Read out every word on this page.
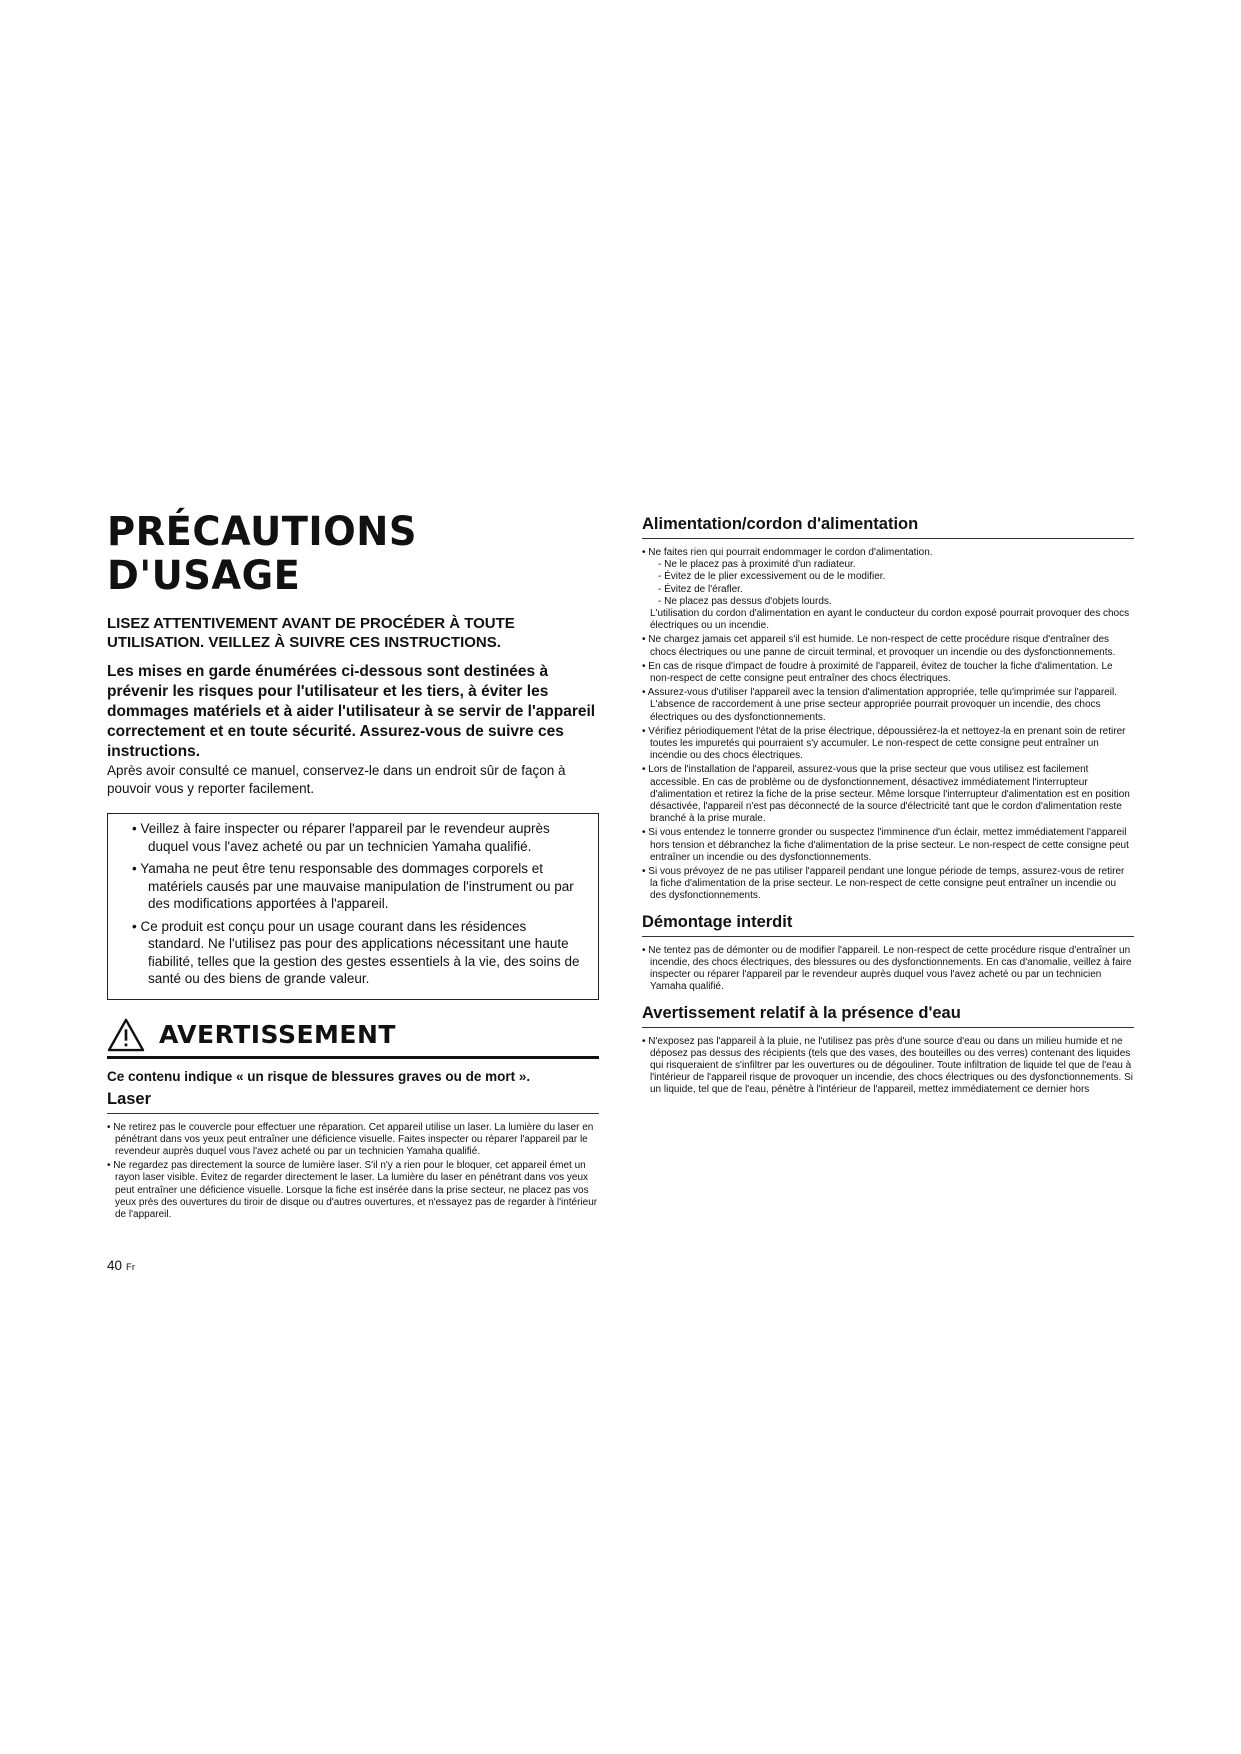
PRÉCAUTIONS D'USAGE

LISEZ ATTENTIVEMENT AVANT DE PROCÉDER À TOUTE UTILISATION. VEILLEZ À SUIVRE CES INSTRUCTIONS.

Les mises en garde énumérées ci-dessous sont destinées à prévenir les risques pour l'utilisateur et les tiers, à éviter les dommages matériels et à aider l'utilisateur à se servir de l'appareil correctement et en toute sécurité. Assurez-vous de suivre ces instructions.

Après avoir consulté ce manuel, conservez-le dans un endroit sûr de façon à pouvoir vous y reporter facilement.

• Veillez à faire inspecter ou réparer l'appareil par le revendeur auprès duquel vous l'avez acheté ou par un technicien Yamaha qualifié.
• Yamaha ne peut être tenu responsable des dommages corporels et matériels causés par une mauvaise manipulation de l'instrument ou par des modifications apportées à l'appareil.
• Ce produit est conçu pour un usage courant dans les résidences standard. Ne l'utilisez pas pour des applications nécessitant une haute fiabilité, telles que la gestion des gestes essentiels à la vie, des soins de santé ou des biens de grande valeur.
AVERTISSEMENT

Ce contenu indique « un risque de blessures graves ou de mort ».

Laser
• Ne retirez pas le couvercle pour effectuer une réparation. Cet appareil utilise un laser. La lumière du laser en pénétrant dans vos yeux peut entraîner une déficience visuelle. Faites inspecter ou réparer l'appareil par le revendeur auprès duquel vous l'avez acheté ou par un technicien Yamaha qualifié.
• Ne regardez pas directement la source de lumière laser. S'il n'y a rien pour le bloquer, cet appareil émet un rayon laser visible. Évitez de regarder directement le laser. La lumière du laser en pénétrant dans vos yeux peut entraîner une déficience visuelle. Lorsque la fiche est insérée dans la prise secteur, ne placez pas vos yeux près des ouvertures du tiroir de disque ou d'autres ouvertures, et n'essayez pas de regarder à l'intérieur de l'appareil.
Alimentation/cordon d'alimentation
• Ne faites rien qui pourrait endommager le cordon d'alimentation.
- Ne le placez pas à proximité d'un radiateur.
- Évitez de le plier excessivement ou de le modifier.
- Évitez de l'érafler.
- Ne placez pas dessus d'objets lourds.
L'utilisation du cordon d'alimentation en ayant le conducteur du cordon exposé pourrait provoquer des chocs électriques ou un incendie.
• Ne chargez jamais cet appareil s'il est humide. Le non-respect de cette procédure risque d'entraîner des chocs électriques ou une panne de circuit terminal, et provoquer un incendie ou des dysfonctionnements.
• En cas de risque d'impact de foudre à proximité de l'appareil, évitez de toucher la fiche d'alimentation. Le non-respect de cette consigne peut entraîner des chocs électriques.
• Assurez-vous d'utiliser l'appareil avec la tension d'alimentation appropriée, telle qu'imprimée sur l'appareil. L'absence de raccordement à une prise secteur appropriée pourrait provoquer un incendie, des chocs électriques ou des dysfonctionnements.
• Vérifiez périodiquement l'état de la prise électrique, dépoussiérez-la et nettoyez-la en prenant soin de retirer toutes les impuretés qui pourraient s'y accumuler. Le non-respect de cette consigne peut entraîner un incendie ou des chocs électriques.
• Lors de l'installation de l'appareil, assurez-vous que la prise secteur que vous utilisez est facilement accessible. En cas de problème ou de dysfonctionnement, désactivez immédiatement l'interrupteur d'alimentation et retirez la fiche de la prise secteur. Même lorsque l'interrupteur d'alimentation est en position désactivée, l'appareil n'est pas déconnecté de la source d'électricité tant que le cordon d'alimentation reste branché à la prise murale.
• Si vous entendez le tonnerre gronder ou suspectez l'imminence d'un éclair, mettez immédiatement l'appareil hors tension et débranchez la fiche d'alimentation de la prise secteur. Le non-respect de cette consigne peut entraîner un incendie ou des dysfonctionnements.
• Si vous prévoyez de ne pas utiliser l'appareil pendant une longue période de temps, assurez-vous de retirer la fiche d'alimentation de la prise secteur. Le non-respect de cette consigne peut entraîner un incendie ou des dysfonctionnements.
Démontage interdit
• Ne tentez pas de démonter ou de modifier l'appareil. Le non-respect de cette procédure risque d'entraîner un incendie, des chocs électriques, des blessures ou des dysfonctionnements. En cas d'anomalie, veillez à faire inspecter ou réparer l'appareil par le revendeur auprès duquel vous l'avez acheté ou par un technicien Yamaha qualifié.
Avertissement relatif à la présence d'eau
• N'exposez pas l'appareil à la pluie, ne l'utilisez pas près d'une source d'eau ou dans un milieu humide et ne déposez pas dessus des récipients (tels que des vases, des bouteilles ou des verres) contenant des liquides qui risqueraient de s'infiltrer par les ouvertures ou de dégouliner. Toute infiltration de liquide tel que de l'eau à l'intérieur de l'appareil risque de provoquer un incendie, des chocs électriques ou des dysfonctionnements. Si un liquide, tel que de l'eau, pénètre à l'intérieur de l'appareil, mettez immédiatement ce dernier hors
40 Fr
